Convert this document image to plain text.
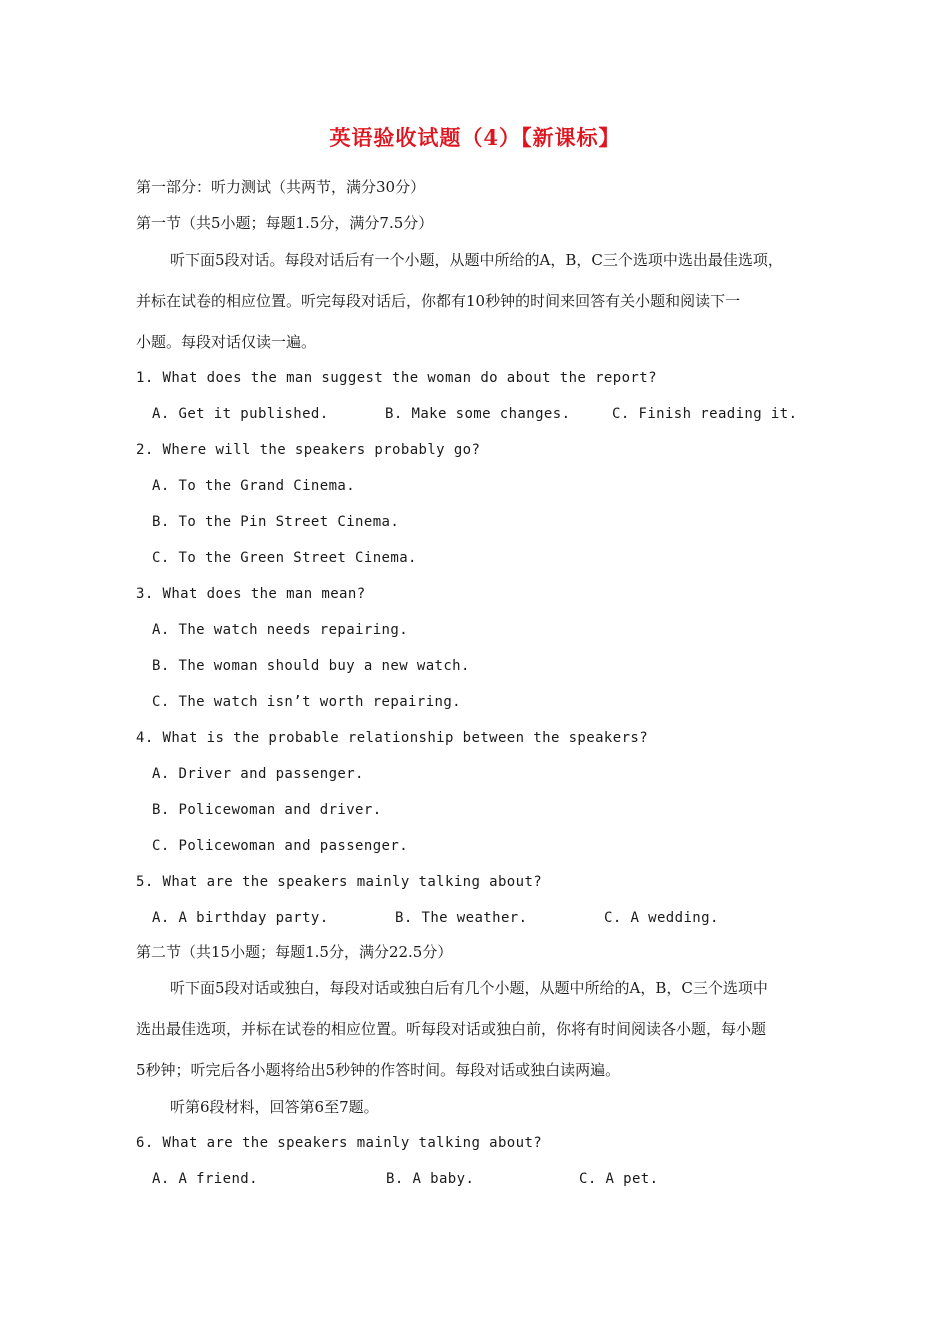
英语验收试题（4）【新课标】
第一部分：听力测试（共两节，满分30分）
第一节（共5小题；每题1.5分，满分7.5分）
听下面5段对话。每段对话后有一个小题，从题中所给的A，B，C三个选项中选出最佳选项，
并标在试卷的相应位置。听完每段对话后，你都有10秒钟的时间来回答有关小题和阅读下一
小题。每段对话仅读一遍。
1. What does the man suggest the woman do about the report?
A. Get it published.	B. Make some changes.	C. Finish reading it.
2. Where will the speakers probably go?
A. To the Grand Cinema.
B. To the Pin Street Cinema.
C. To the Green Street Cinema.
3. What does the man mean?
A. The watch needs repairing.
B. The woman should buy a new watch.
C. The watch isn’t worth repairing.
4. What is the probable relationship between the speakers?
A. Driver and passenger.
B. Policewoman and driver.
C. Policewoman and passenger.
5. What are the speakers mainly talking about?
A. A birthday party.	B. The weather.	C. A wedding.
第二节（共15小题；每题1.5分，满分22.5分）
听下面5段对话或独白，每段对话或独白后有几个小题，从题中所给的A，B，C三个选项中
选出最佳选项，并标在试卷的相应位置。听每段对话或独白前，你将有时间阅读各小题，每小题
5秒钟；听完后各小题将给出5秒钟的作答时间。每段对话或独白读两遍。
听第6段材料，回答第6至7题。
6. What are the speakers mainly talking about?
A. A friend.	B. A baby.	C. A pet.
